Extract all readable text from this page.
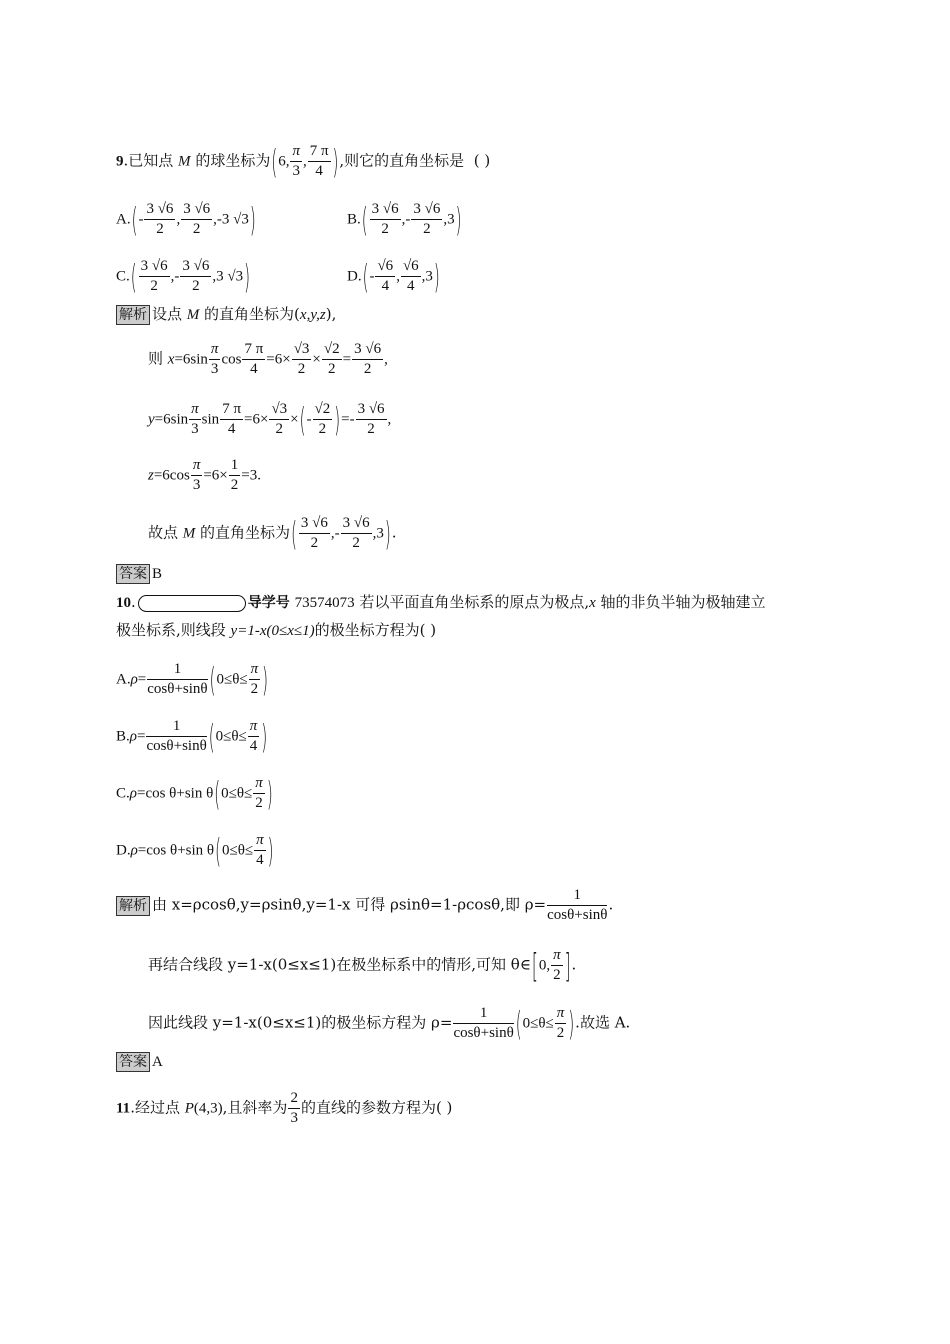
9.已知点 M 的球坐标为(6, $\frac{\pi}{3}$ , $\frac{7 \pi}{4}$ ),则它的直角坐标是 ( )
$A.(- \frac{3 √6}{2}$ , $\frac{3 √6}{2} ,-3$ √3)	$B.( \frac{3 √6}{2}$ ,- $\frac{3 √6}{2} ,3$)
$C.( \frac{3 √6}{2}$ ,- $\frac{3 √6}{2} ,3$ √3)	$D.(- \frac{√6}{4}$ , $\frac{√6}{4} ,3$)
解析 设点 M 的直角坐标为(x,y,z),
则 $x=6\sin \frac{\pi}{3}$ $\cos \frac{7 \pi}{4} =6\times \frac{√3}{2} \times \frac{√2}{2} = \frac{3 √6}{2}$ ,
$y=6\sin \frac{\pi}{3}$ $\sin \frac{7 \pi}{4} =6\times \frac{√3}{2}$ ×(- $\frac{√2}{2}$ )=- $\frac{3 √6}{2}$ ,
$z=6\cos \frac{\pi}{3} =6\times \frac{1}{2} =3$.
故点 M 的直角坐标为( $\frac{3 √6}{2}$ ,- $\frac{3 √6}{2} ,3$).
答案 B
10.	导学号 73574073 若以平面直角坐标系的原点为极点,x 轴的非负半轴为极轴建立
极坐标系,则线段 y=1-x(0≤x≤1)的极坐标方程为( )
$A.\rho= \frac{1}{\cos\theta+\sin\theta} (0\le\theta\le \frac{\pi}{2}$ )
$B.\rho= \frac{1}{\cos\theta+\sin\theta} (0\le\theta\le \frac{\pi}{4}$ )
C.ρ=cos θ+sin $\theta(0\le\theta\le \frac{\pi}{2}$ )
D.ρ=cos θ+sin $\theta(0\le\theta\le \frac{\pi}{4}$ )
解析 由 x=ρcosθ,y=ρsinθ,y=1-x 可得 ρsinθ=1-ρcosθ,即 $\rho= \frac{1}{\cos\theta+\sin\theta}$ .
再结合线段 y=1-x(0≤x≤1)在极坐标系中的情形,可知 θ∈[0, $\frac{\pi}{2}$ ].
因此线段 y=1-x(0≤x≤1)的极坐标方程为 $\rho= \frac{1}{\cos\theta+\sin\theta} (0\le\theta\le \frac{\pi}{2}$ ).故选 A.
答案 A
11.经过点 P(4,3),且斜率为 $\frac{2}{3}$ 的直线的参数方程为( )
